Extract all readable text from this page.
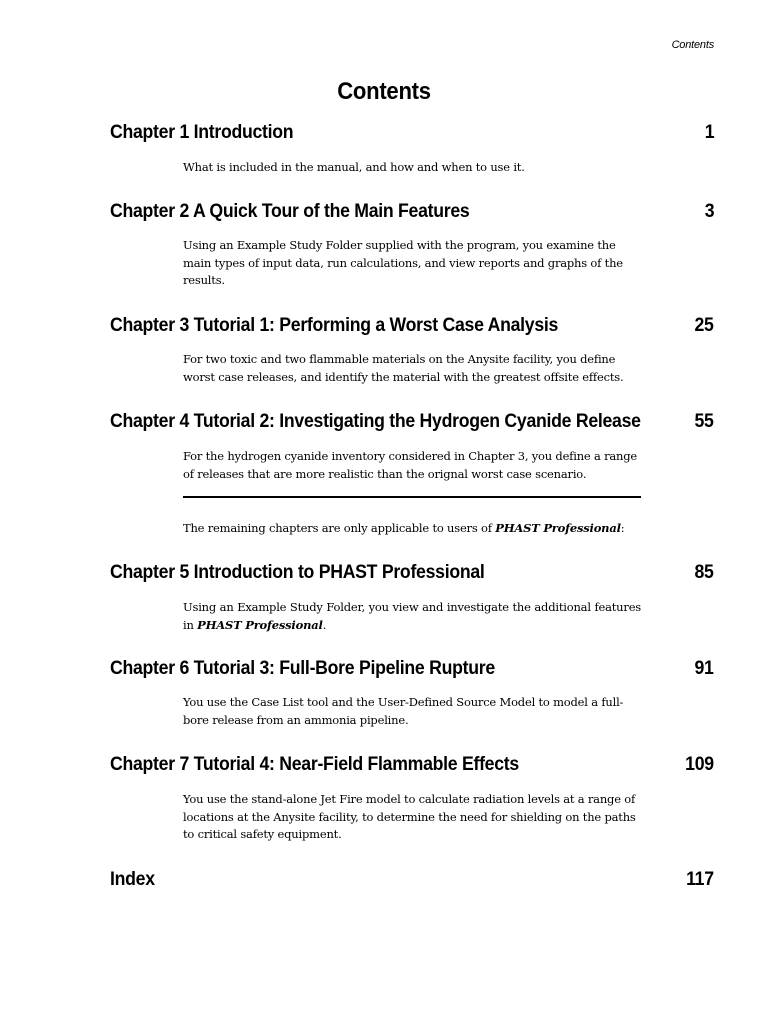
Contents
Contents
Chapter 1 Introduction	1
What is included in the manual, and how and when to use it.
Chapter 2 A Quick Tour of the Main Features	3
Using an Example Study Folder supplied with the program, you examine the main types of input data, run calculations, and view reports and graphs of the results.
Chapter 3 Tutorial 1: Performing a Worst Case Analysis	25
For two toxic and two flammable materials on the Anysite facility, you define worst case releases, and identify the material with the greatest offsite effects.
Chapter 4 Tutorial 2: Investigating the Hydrogen Cyanide Release	55
For the hydrogen cyanide inventory considered in Chapter 3, you define a range of releases that are more realistic than the orignal worst case scenario.
The remaining chapters are only applicable to users of PHAST Professional:
Chapter 5 Introduction to PHAST Professional	85
Using an Example Study Folder, you view and investigate the additional features in PHAST Professional.
Chapter 6 Tutorial 3: Full-Bore Pipeline Rupture	91
You use the Case List tool and the User-Defined Source Model to model a full-bore release from an ammonia pipeline.
Chapter 7 Tutorial 4: Near-Field Flammable Effects	109
You use the stand-alone Jet Fire model to calculate radiation levels at a range of locations at the Anysite facility, to determine the need for shielding on the paths to critical safety equipment.
Index	117
